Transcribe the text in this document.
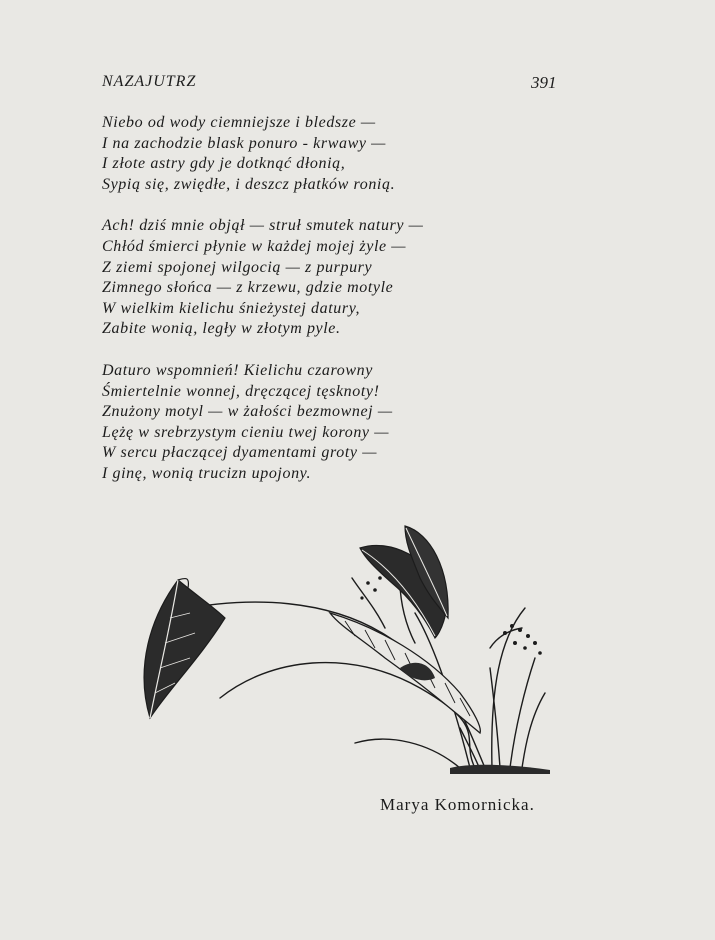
NAZAJUTRZ	391
Niebo od wody ciemniejsze i bledsze —
I na zachodzie blask ponuro - krwawy —
I złote astry gdy je dotknąć dłonią,
Sypią się, zwiędłe, i deszcz płatków ronią.
Ach! dziś mnie objął — struł smutek natury —
Chłód śmierci płynie w każdej mojej żyle —
Z ziemi spojonej wilgocią — z purpury
Zimnego słońca — z krzewu, gdzie motyle
W wielkim kielichu śnieżystej datury,
Zabite wonią, legły w złotym pyle.
Daturo wspomnień! Kielichu czarowny
Śmiertelnie wonnej, dręczącej tęsknoty!
Znużony motyl — w żałości bezmownej —
Lężę w srebrzystym cieniu twej korony —
W sercu płaczącej dyamentami groty —
I ginę, wonią trucizn upojony.
Marya Komornicka.
